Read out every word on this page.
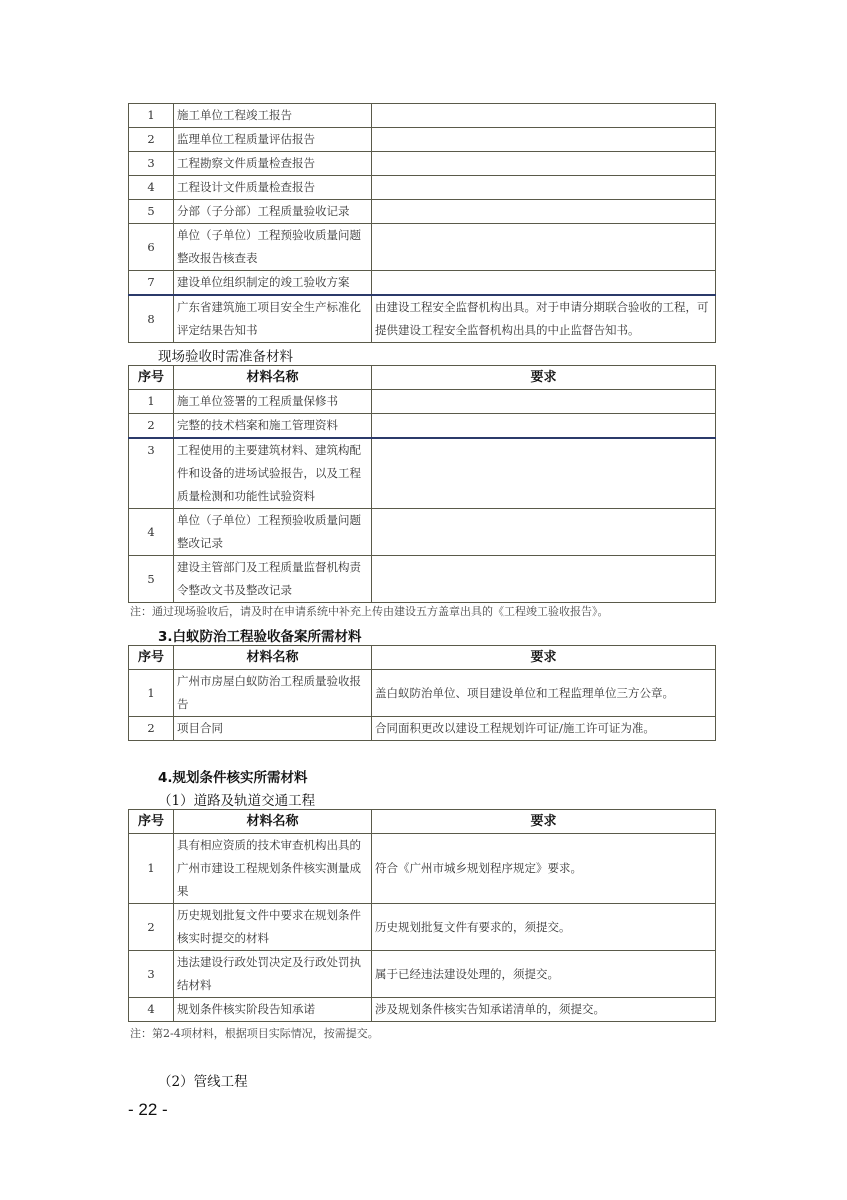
1	施工单位工程竣工报告	
2	监理单位工程质量评估报告	
3	工程勘察文件质量检查报告	
4	工程设计文件质量检查报告	
5	分部（子分部）工程质量验收记录	
6	单位（子单位）工程预验收质量问题整改报告核查表	
7	建设单位组织制定的竣工验收方案	
8	广东省建筑施工项目安全生产标准化评定结果告知书	由建设工程安全监督机构出具。对于申请分期联合验收的工程，可提供建设工程安全监督机构出具的中止监督告知书。
现场验收时需准备材料
序号	材料名称	要求
1	施工单位签署的工程质量保修书	
2	完整的技术档案和施工管理资料	
3	工程使用的主要建筑材料、建筑构配件和设备的进场试验报告，以及工程质量检测和功能性试验资料	
4	单位（子单位）工程预验收质量问题整改记录	
5	建设主管部门及工程质量监督机构责令整改文书及整改记录	
注：通过现场验收后，请及时在申请系统中补充上传由建设五方盖章出具的《工程竣工验收报告》。
3.白蚁防治工程验收备案所需材料
序号	材料名称	要求
1	广州市房屋白蚁防治工程质量验收报告	盖白蚁防治单位、项目建设单位和工程监理单位三方公章。
2	项目合同	合同面积更改以建设工程规划许可证/施工许可证为准。
4.规划条件核实所需材料
（1）道路及轨道交通工程
序号	材料名称	要求
1	具有相应资质的技术审查机构出具的广州市建设工程规划条件核实测量成果	符合《广州市城乡规划程序规定》要求。
2	历史规划批复文件中要求在规划条件核实时提交的材料	历史规划批复文件有要求的，须提交。
3	违法建设行政处罚决定及行政处罚执结材料	属于已经违法建设处理的，须提交。
4	规划条件核实阶段告知承诺	涉及规划条件核实告知承诺清单的，须提交。
注：第2-4项材料，根据项目实际情况，按需提交。
（2）管线工程
- 22 -
